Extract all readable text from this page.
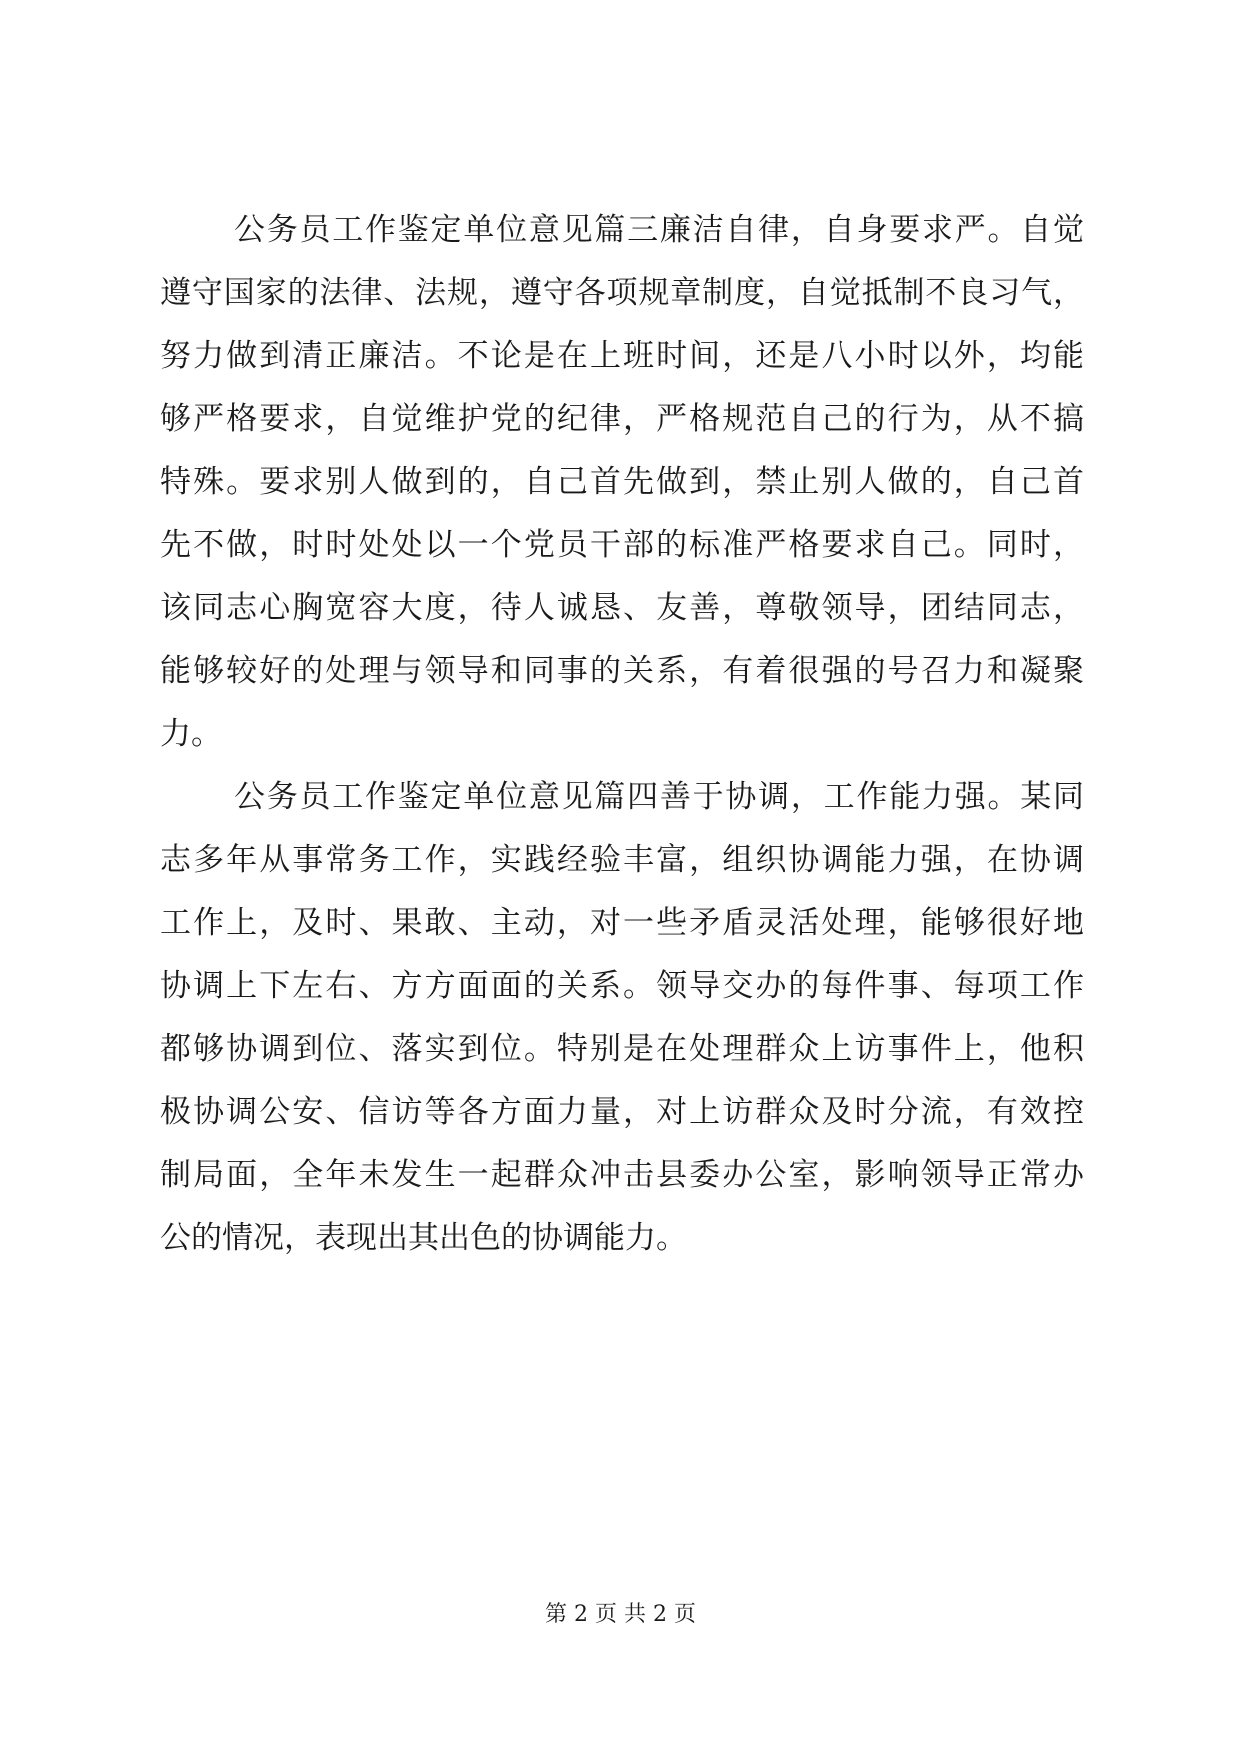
公务员工作鉴定单位意见篇三廉洁自律，自身要求严。自觉
遵守国家的法律、法规，遵守各项规章制度，自觉抵制不良习气，
努力做到清正廉洁。不论是在上班时间，还是八小时以外，均能
够严格要求，自觉维护党的纪律，严格规范自己的行为，从不搞
特殊。要求别人做到的，自己首先做到，禁止别人做的，自己首
先不做，时时处处以一个党员干部的标准严格要求自己。同时，
该同志心胸宽容大度，待人诚恳、友善，尊敬领导，团结同志，
能够较好的处理与领导和同事的关系，有着很强的号召力和凝聚
力。
公务员工作鉴定单位意见篇四善于协调，工作能力强。某同
志多年从事常务工作，实践经验丰富，组织协调能力强，在协调
工作上，及时、果敢、主动，对一些矛盾灵活处理，能够很好地
协调上下左右、方方面面的关系。领导交办的每件事、每项工作
都够协调到位、落实到位。特别是在处理群众上访事件上，他积
极协调公安、信访等各方面力量，对上访群众及时分流，有效控
制局面，全年未发生一起群众冲击县委办公室，影响领导正常办
公的情况，表现出其出色的协调能力。
第 2 页 共 2 页
